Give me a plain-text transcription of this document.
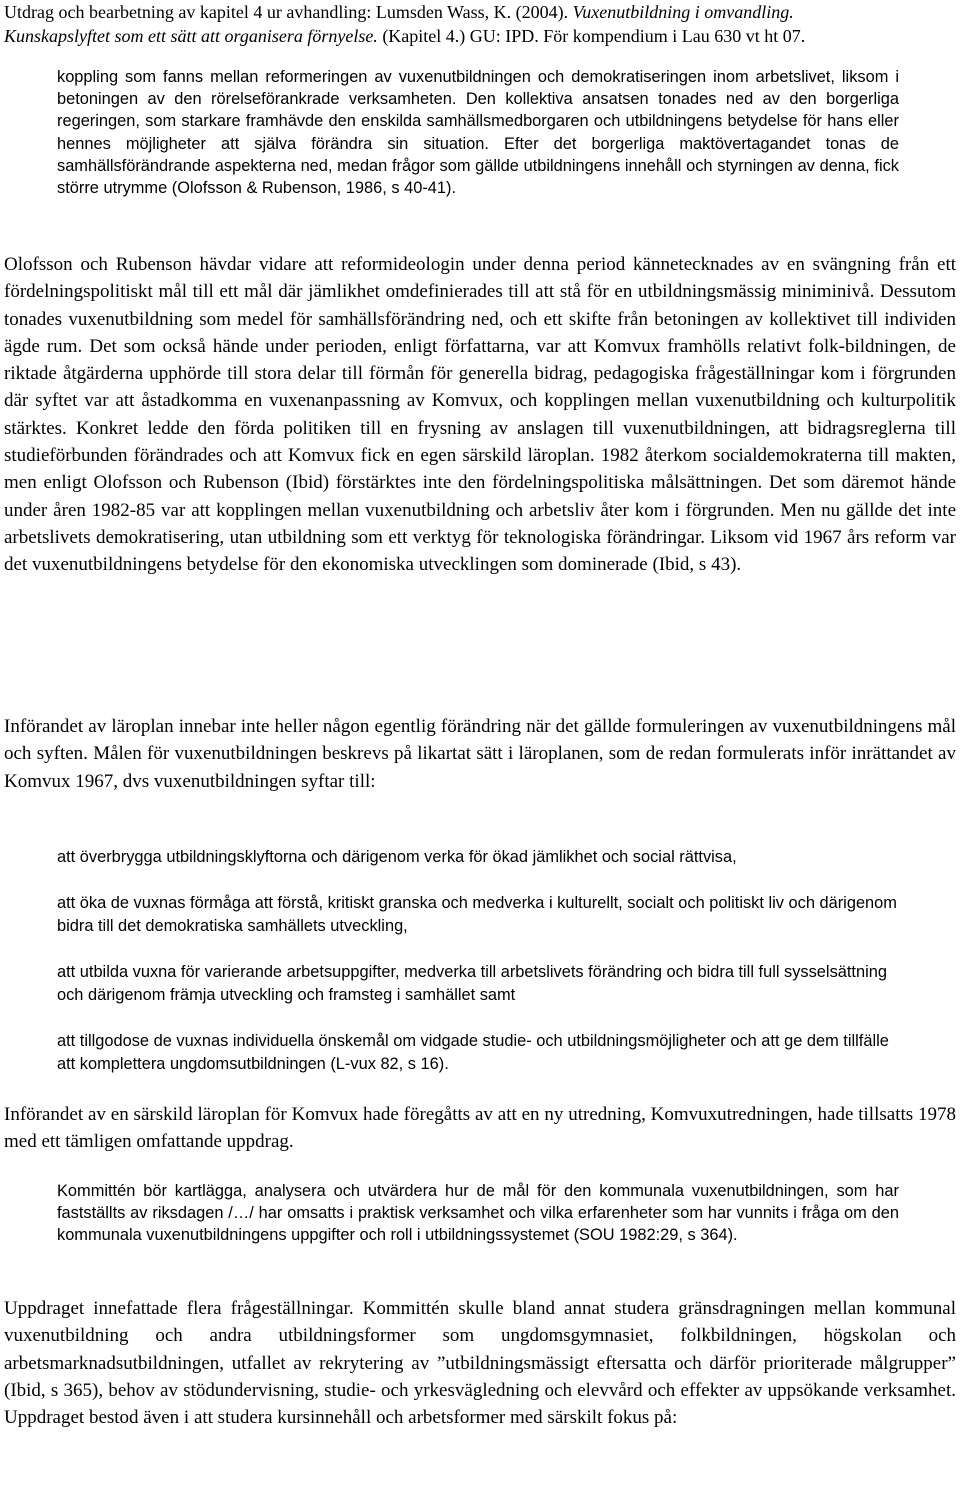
Utdrag och bearbetning av kapitel 4 ur avhandling: Lumsden Wass, K. (2004). Vuxenutbildning i omvandling.
Kunskapslyftet som ett sätt att organisera förnyelse. (Kapitel 4.) GU: IPD. För kompendium i Lau 630 vt ht 07.

koppling som fanns mellan reformeringen av vuxenutbildningen och demokratiseringen inom arbetslivet, liksom i betoningen av den rörelseförankrade verksamheten. Den kollektiva ansatsen tonades ned av den borgerliga regeringen, som starkare framhävde den enskilda samhällsmedborgaren och utbildningens betydelse för hans eller hennes möjligheter att själva förändra sin situation. Efter det borgerliga maktövertagandet tonas de samhällsförändrande aspekterna ned, medan frågor som gällde utbildningens innehåll och styrningen av denna, fick större utrymme (Olofsson & Rubenson, 1986, s 40-41).

Olofsson och Rubenson hävdar vidare att reformideologin under denna period kännetecknades av en svängning från ett fördelningspolitiskt mål till ett mål där jämlikhet omdefinierades till att stå för en utbildningsmässig miniminivå. Dessutom tonades vuxenutbildning som medel för samhällsförändring ned, och ett skifte från betoningen av kollektivet till individen ägde rum. Det som också hände under perioden, enligt författarna, var att Komvux framhölls relativt folk-bildningen, de riktade åtgärderna upphörde till stora delar till förmån för generella bidrag, pedagogiska frågeställningar kom i förgrunden där syftet var att åstadkomma en vuxenanpassning av Komvux, och kopplingen mellan vuxenutbildning och kulturpolitik stärktes. Konkret ledde den förda politiken till en frysning av anslagen till vuxenutbildningen, att bidragsreglerna till studieförbunden förändrades och att Komvux fick en egen särskild läroplan. 1982 återkom socialdemokraterna till makten, men enligt Olofsson och Rubenson (Ibid) förstärktes inte den fördelningspolitiska målsättningen. Det som däremot hände under åren 1982-85 var att kopplingen mellan vuxenutbildning och arbetsliv åter kom i förgrunden. Men nu gällde det inte arbetslivets demokratisering, utan utbildning som ett verktyg för teknologiska förändringar. Liksom vid 1967 års reform var det vuxenutbildningens betydelse för den ekonomiska utvecklingen som dominerade (Ibid, s 43).

Införandet av läroplan innebar inte heller någon egentlig förändring när det gällde formuleringen av vuxenutbildningens mål och syften. Målen för vuxenutbildningen beskrevs på likartat sätt i läroplanen, som de redan formulerats inför inrättandet av Komvux 1967, dvs vuxenutbildningen syftar till:

att överbrygga utbildningsklyftorna och därigenom verka för ökad jämlikhet och social rättvisa,
att öka de vuxnas förmåga att förstå, kritiskt granska och medverka i kulturellt, socialt och politiskt liv och därigenom bidra till det demokratiska samhällets utveckling,
att utbilda vuxna för varierande arbetsuppgifter, medverka till arbetslivets förändring och bidra till full sysselsättning och därigenom främja utveckling och framsteg i samhället samt
att tillgodose de vuxnas individuella önskemål om vidgade studie- och utbildningsmöjligheter och att ge dem tillfälle att komplettera ungdomsutbildningen (L-vux 82, s 16).

Införandet av en särskild läroplan för Komvux hade föregåtts av att en ny utredning, Komvuxutredningen, hade tillsatts 1978 med ett tämligen omfattande uppdrag.

Kommittén bör kartlägga, analysera och utvärdera hur de mål för den kommunala vuxenutbildningen, som har fastställts av riksdagen /…/ har omsatts i praktisk verksamhet och vilka erfarenheter som har vunnits i fråga om den kommunala vuxenutbildningens uppgifter och roll i utbildningssystemet (SOU 1982:29, s 364).

Uppdraget innefattade flera frågeställningar. Kommittén skulle bland annat studera gränsdragningen mellan kommunal vuxenutbildning och andra utbildningsformer som ungdomsgymnasiet, folkbildningen, högskolan och arbetsmarknadsutbildningen, utfallet av rekrytering av ”utbildningsmässigt eftersatta och därför prioriterade målgrupper” (Ibid, s 365), behov av stödundervisning, studie- och yrkesvägledning och elevvård och effekter av uppsökande verksamhet. Uppdraget bestod även i att studera kursinnehåll och arbetsformer med särskilt fokus på:
